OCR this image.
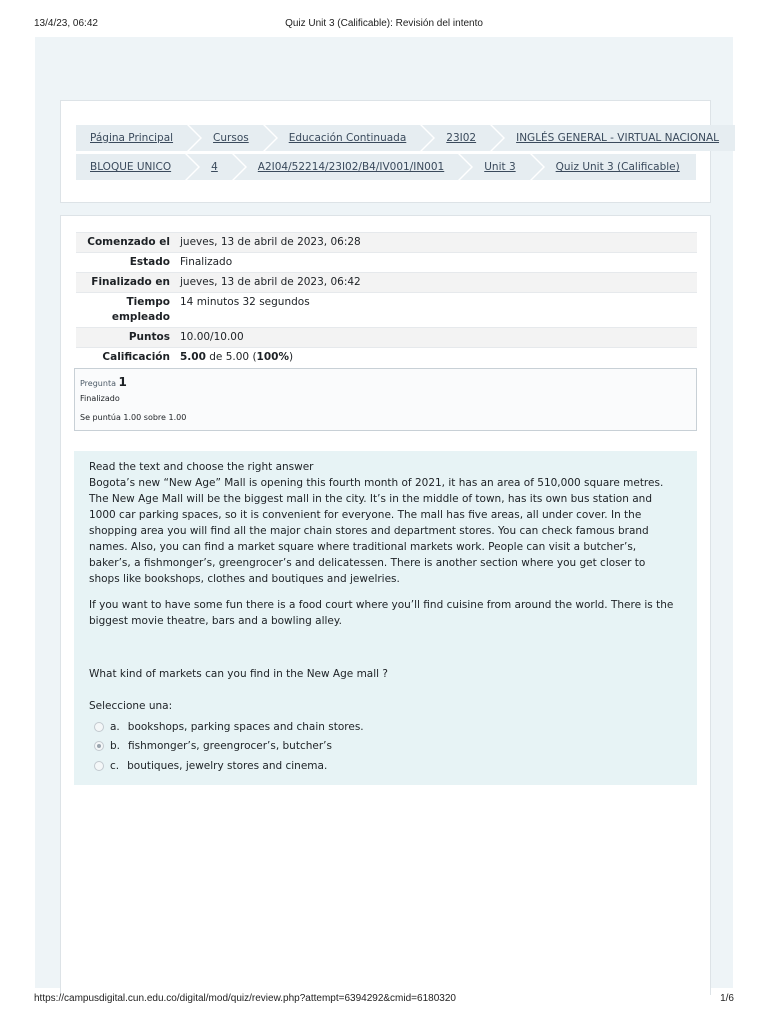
13/4/23, 06:42	Quiz Unit 3 (Calificable): Revisión del intento
Página Principal	Cursos	Educación Continuada	23I02	INGLÉS GENERAL - VIRTUAL NACIONAL
BLOQUE UNICO	4	A2I04/52214/23I02/B4/IV001/IN001	Unit 3	Quiz Unit 3 (Calificable)
Comenzado el	jueves, 13 de abril de 2023, 06:28
Estado	Finalizado
Finalizado en	jueves, 13 de abril de 2023, 06:42
Tiempo empleado	14 minutos 32 segundos
Puntos	10.00/10.00
Calificación	5.00 de 5.00 (100%)
Pregunta 1
Finalizado
Se puntúa 1.00 sobre 1.00

Read the text and choose the right answer

Bogota’s new “New Age” Mall is opening this fourth month of 2021, it has an area of 510,000 square metres. The New Age Mall will be the biggest mall in the city. It’s in the middle of town, has its own bus station and 1000 car parking spaces, so it is convenient for everyone. The mall has five areas, all under cover. In the shopping area you will find all the major chain stores and department stores. You can check famous brand names. Also, you can find a market square where traditional markets work. People can visit a butcher’s, baker’s, a fishmonger’s, greengrocer’s and delicatessen. There is another section where you get closer to shops like bookshops, clothes and boutiques and jewelries.

If you want to have some fun there is a food court where you’ll find cuisine from around the world. There is the biggest movie theatre, bars and a bowling alley.

What kind of markets can you find in the New Age mall ?

Seleccione una:

a. bookshops, parking spaces and chain stores.
b. fishmonger’s, greengrocer’s, butcher’s
c. boutiques, jewelry stores and cinema.
https://campusdigital.cun.edu.co/digital/mod/quiz/review.php?attempt=6394292&cmid=6180320	1/6
